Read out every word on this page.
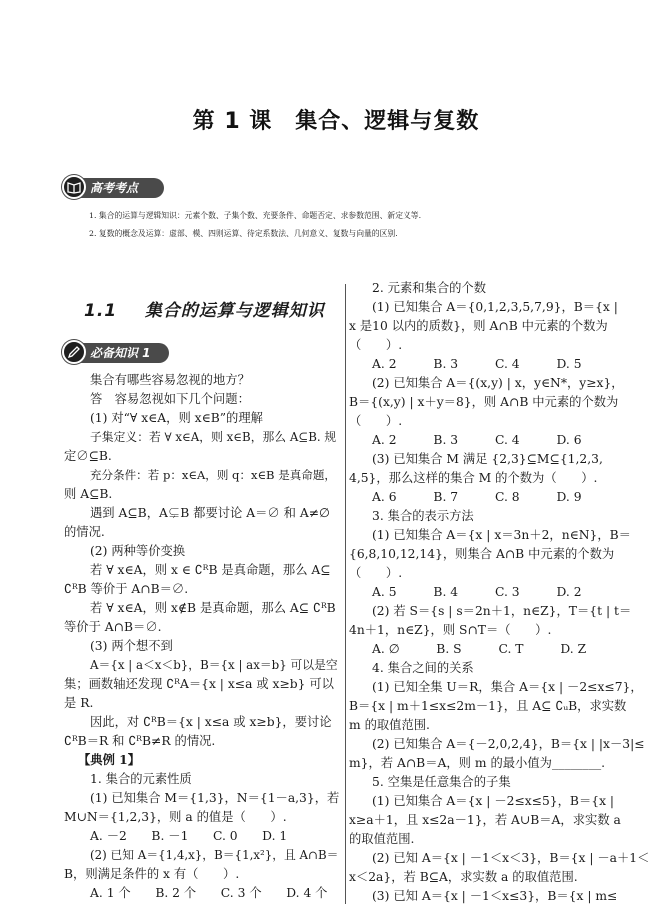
第 1 课　集合、逻辑与复数
高考考点
1. 集合的运算与逻辑知识：元素个数、子集个数、充要条件、命题否定、求参数范围、新定义等.
2. 复数的概念及运算：虚部、模、四则运算、待定系数法、几何意义、复数与向量的区别.
1.1 集合的运算与逻辑知识
必备知识 1
集合有哪些容易忽视的地方？
答　容易忽视如下几个问题：
(1) 对“∀ x∈A，则 x∈B”的理解
子集定义：若 ∀ x∈A，则 x∈B，那么 A⊆B. 规
定∅⊆B.
充分条件：若 p：x∈A，则 q：x∈B 是真命题，
则 A⊆B.
遇到 A⊆B，A⊊B 都要讨论 A＝∅ 和 A≠∅
的情况.
(2) 两种等价变换
若 ∀ x∈A，则 x ∈ ∁ᴿB 是真命题，那么 A⊆
∁ᴿB 等价于 A∩B＝∅.
若 ∀ x∈A，则 x∉B 是真命题，那么 A⊆ ∁ᴿB
等价于 A∩B＝∅.
(3) 两个想不到
A＝{x | a＜x＜b}，B＝{x | ax＝b} 可以是空
集；画数轴还发现 ∁ᴿA＝{x | x≤a 或 x≥b} 可以
是 R.
因此，对 ∁ᴿB＝{x | x≤a 或 x≥b}，要讨论
∁ᴿB＝R 和 ∁ᴿB≠R 的情况.
【典例 1】
1. 集合的元素性质
(1) 已知集合 M＝{1,3}，N＝{1－a,3}，若
M∪N＝{1,2,3}，则 a 的值是（　　）.
A. －2　　B. －1　　C. 0　　D. 1
(2) 已知 A＝{1,4,x}，B＝{1,x²}，且 A∩B＝
B，则满足条件的 x 有（　　）.
A. 1 个　　B. 2 个　　C. 3 个　　D. 4 个
2. 元素和集合的个数
(1) 已知集合 A＝{0,1,2,3,5,7,9}，B＝{x |
x 是10 以内的质数}，则 A∩B 中元素的个数为
（　　）.
A. 2　　　B. 3　　　C. 4　　　D. 5
(2) 已知集合 A＝{(x,y) | x，y∈N*，y≥x}，
B＝{(x,y) | x＋y＝8}，则 A∩B 中元素的个数为
（　　）.
A. 2　　　B. 3　　　C. 4　　　D. 6
(3) 已知集合 M 满足 {2,3}⊆M⊆{1,2,3,
4,5}，那么这样的集合 M 的个数为（　　）.
A. 6　　　B. 7　　　C. 8　　　D. 9
3. 集合的表示方法
(1) 已知集合 A＝{x | x＝3n＋2，n∈N}，B＝
{6,8,10,12,14}，则集合 A∩B 中元素的个数为
（　　）.
A. 5　　　B. 4　　　C. 3　　　D. 2
(2) 若 S＝{s | s＝2n＋1，n∈Z}，T＝{t | t＝
4n＋1，n∈Z}，则 S∩T＝（　　）.
A. ∅　　　B. S　　　C. T　　　D. Z
4. 集合之间的关系
(1) 已知全集 U＝R，集合 A＝{x | －2≤x≤7}，
B＝{x | m＋1≤x≤2m－1}，且 A⊆ ∁ᵤB，求实数
m 的取值范围.
(2) 已知集合 A＝{－2,0,2,4}，B＝{x | |x－3|≤
m}，若 A∩B＝A，则 m 的最小值为________.
5. 空集是任意集合的子集
(1) 已知集合 A＝{x | －2≤x≤5}，B＝{x |
x≥a＋1，且 x≤2a－1}，若 A∪B＝A，求实数 a
的取值范围.
(2) 已知 A＝{x | －1＜x＜3}，B＝{x | －a＋1＜
x＜2a}，若 B⊆A，求实数 a 的取值范围.
(3) 已知 A＝{x | －1＜x≤3}，B＝{x | m≤
